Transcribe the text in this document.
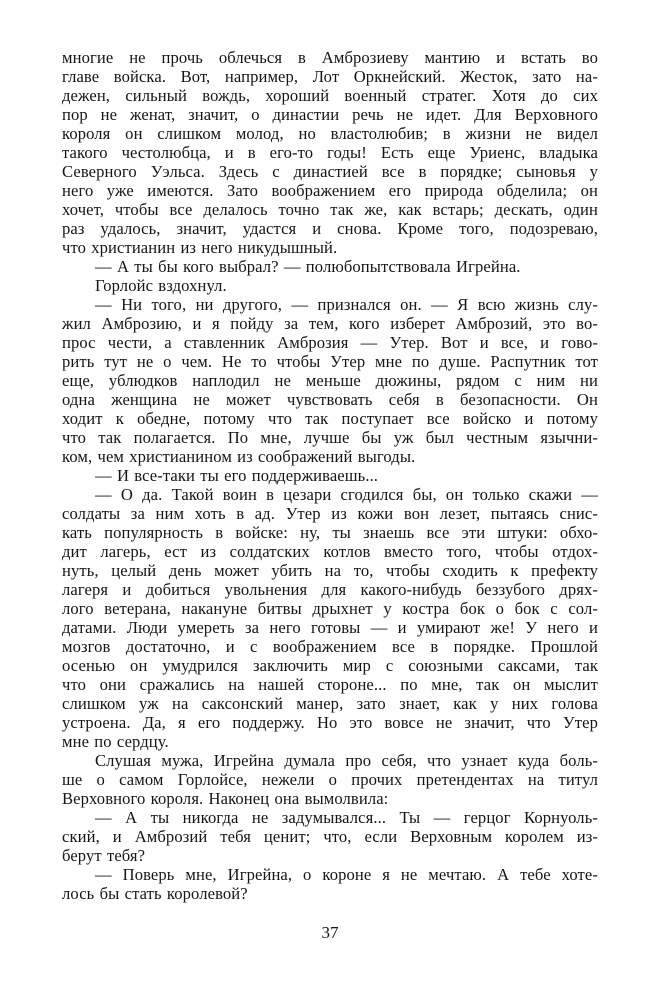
многие не прочь облечься в Амброзиеву мантию и встать во
главе войска. Вот, например, Лот Оркнейский. Жесток, зато на-
дежен, сильный вождь, хороший военный стратег. Хотя до сих
пор не женат, значит, о династии речь не идет. Для Верховного
короля он слишком молод, но властолюбив; в жизни не видел
такого честолюбца, и в его-то годы! Есть еще Уриенс, владыка
Северного Уэльса. Здесь с династией все в порядке; сыновья у
него уже имеются. Зато воображением его природа обделила; он
хочет, чтобы все делалось точно так же, как встарь; дескать, один
раз удалось, значит, удастся и снова. Кроме того, подозреваю,
что христианин из него никудышный.
— А ты бы кого выбрал? — полюбопытствовала Игрейна.
Горлойс вздохнул.
— Ни того, ни другого, — признался он. — Я всю жизнь слу-
жил Амброзию, и я пойду за тем, кого изберет Амброзий, это во-
прос чести, а ставленник Амброзия — Утер. Вот и все, и гово-
рить тут не о чем. Не то чтобы Утер мне по душе. Распутник тот
еще, ублюдков наплодил не меньше дюжины, рядом с ним ни
одна женщина не может чувствовать себя в безопасности. Он
ходит к обедне, потому что так поступает все войско и потому
что так полагается. По мне, лучше бы уж был честным язычни-
ком, чем христианином из соображений выгоды.
— И все-таки ты его поддерживаешь...
— О да. Такой воин в цезари сгодился бы, он только скажи —
солдаты за ним хоть в ад. Утер из кожи вон лезет, пытаясь снис-
кать популярность в войске: ну, ты знаешь все эти штуки: обхо-
дит лагерь, ест из солдатских котлов вместо того, чтобы отдох-
нуть, целый день может убить на то, чтобы сходить к префекту
лагеря и добиться увольнения для какого-нибудь беззубого дрях-
лого ветерана, накануне битвы дрыхнет у костра бок о бок с сол-
датами. Люди умереть за него готовы — и умирают же! У него и
мозгов достаточно, и с воображением все в порядке. Прошлой
осенью он умудрился заключить мир с союзными саксами, так
что они сражались на нашей стороне... по мне, так он мыслит
слишком уж на саксонский манер, зато знает, как у них голова
устроена. Да, я его поддержу. Но это вовсе не значит, что Утер
мне по сердцу.
Слушая мужа, Игрейна думала про себя, что узнает куда боль-
ше о самом Горлойсе, нежели о прочих претендентах на титул
Верховного короля. Наконец она вымолвила:
— А ты никогда не задумывался... Ты — герцог Корнуоль-
ский, и Амброзий тебя ценит; что, если Верховным королем из-
берут тебя?
— Поверь мне, Игрейна, о короне я не мечтаю. А тебе хоте-
лось бы стать королевой?
37
